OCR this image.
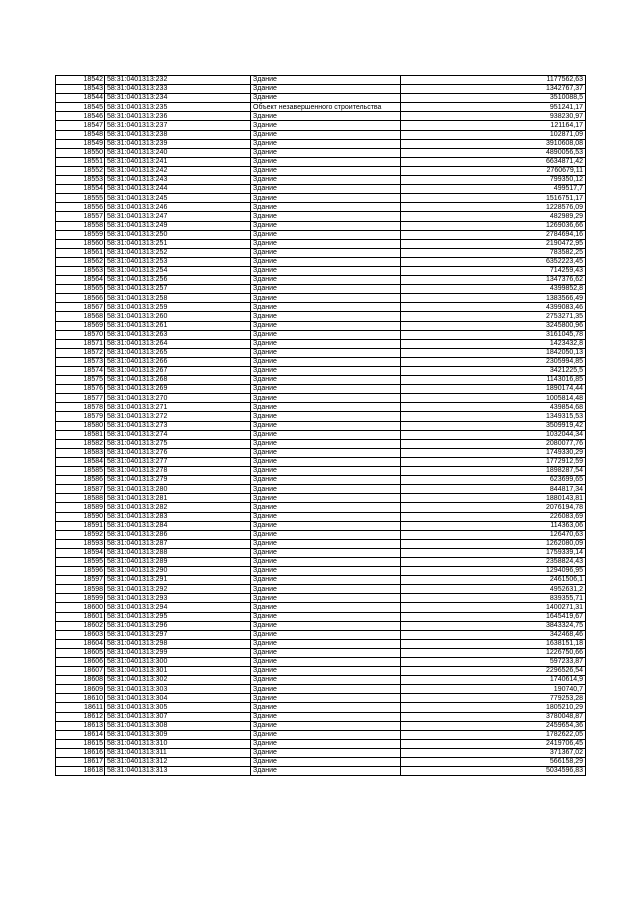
18542	58:31:0401313:232	Здание	1177562,63
18543	58:31:0401313:233	Здание	1342767,37
18544	58:31:0401313:234	Здание	3510088,5
18545	58:31:0401313:235	Объект незавершенного строительства	951241,17
18546	58:31:0401313:236	Здание	938230,97
18547	58:31:0401313:237	Здание	121164,17
18548	58:31:0401313:238	Здание	102871,09
18549	58:31:0401313:239	Здание	3910608,08
18550	58:31:0401313:240	Здание	4890056,53
18551	58:31:0401313:241	Здание	6634871,42
18552	58:31:0401313:242	Здание	2760679,11
18553	58:31:0401313:243	Здание	799350,12
18554	58:31:0401313:244	Здание	499517,7
18555	58:31:0401313:245	Здание	1516751,17
18556	58:31:0401313:246	Здание	1228576,09
18557	58:31:0401313:247	Здание	482989,29
18558	58:31:0401313:249	Здание	1269036,66
18559	58:31:0401313:250	Здание	2784694,16
18560	58:31:0401313:251	Здание	2190472,95
18561	58:31:0401313:252	Здание	783582,25
18562	58:31:0401313:253	Здание	6352223,45
18563	58:31:0401313:254	Здание	714259,43
18564	58:31:0401313:256	Здание	1347376,62
18565	58:31:0401313:257	Здание	4399852,8
18566	58:31:0401313:258	Здание	1383566,49
18567	58:31:0401313:259	Здание	4399083,46
18568	58:31:0401313:260	Здание	2753271,35
18569	58:31:0401313:261	Здание	3245800,96
18570	58:31:0401313:263	Здание	3161045,78
18571	58:31:0401313:264	Здание	1423432,8
18572	58:31:0401313:265	Здание	1842050,13
18573	58:31:0401313:266	Здание	2305994,85
18574	58:31:0401313:267	Здание	3421225,5
18575	58:31:0401313:268	Здание	1143016,85
18576	58:31:0401313:269	Здание	1890174,44
18577	58:31:0401313:270	Здание	1005814,48
18578	58:31:0401313:271	Здание	439854,68
18579	58:31:0401313:272	Здание	1349315,53
18580	58:31:0401313:273	Здание	3509919,42
18581	58:31:0401313:274	Здание	1032044,34
18582	58:31:0401313:275	Здание	2080077,76
18583	58:31:0401313:276	Здание	1749330,29
18584	58:31:0401313:277	Здание	1772912,59
18585	58:31:0401313:278	Здание	1898287,54
18586	58:31:0401313:279	Здание	623699,65
18587	58:31:0401313:280	Здание	844817,34
18588	58:31:0401313:281	Здание	1880143,81
18589	58:31:0401313:282	Здание	2076194,78
18590	58:31:0401313:283	Здание	226083,69
18591	58:31:0401313:284	Здание	114363,06
18592	58:31:0401313:286	Здание	126470,63
18593	58:31:0401313:287	Здание	1262080,09
18594	58:31:0401313:288	Здание	1759339,14
18595	58:31:0401313:289	Здание	2358824,43
18596	58:31:0401313:290	Здание	1294096,95
18597	58:31:0401313:291	Здание	2461506,1
18598	58:31:0401313:292	Здание	4952631,2
18599	58:31:0401313:293	Здание	839355,71
18600	58:31:0401313:294	Здание	1400271,31
18601	58:31:0401313:295	Здание	1645419,67
18602	58:31:0401313:296	Здание	3843324,75
18603	58:31:0401313:297	Здание	342468,46
18604	58:31:0401313:298	Здание	1638151,18
18605	58:31:0401313:299	Здание	1226750,66
18606	58:31:0401313:300	Здание	597233,87
18607	58:31:0401313:301	Здание	2296526,54
18608	58:31:0401313:302	Здание	1740614,9
18609	58:31:0401313:303	Здание	190740,7
18610	58:31:0401313:304	Здание	779253,28
18611	58:31:0401313:305	Здание	1805210,29
18612	58:31:0401313:307	Здание	3780048,87
18613	58:31:0401313:308	Здание	2459654,36
18614	58:31:0401313:309	Здание	1782622,05
18615	58:31:0401313:310	Здание	2419706,45
18616	58:31:0401313:311	Здание	371367,02
18617	58:31:0401313:312	Здание	566158,29
18618	58:31:0401313:313	Здание	5034596,83
